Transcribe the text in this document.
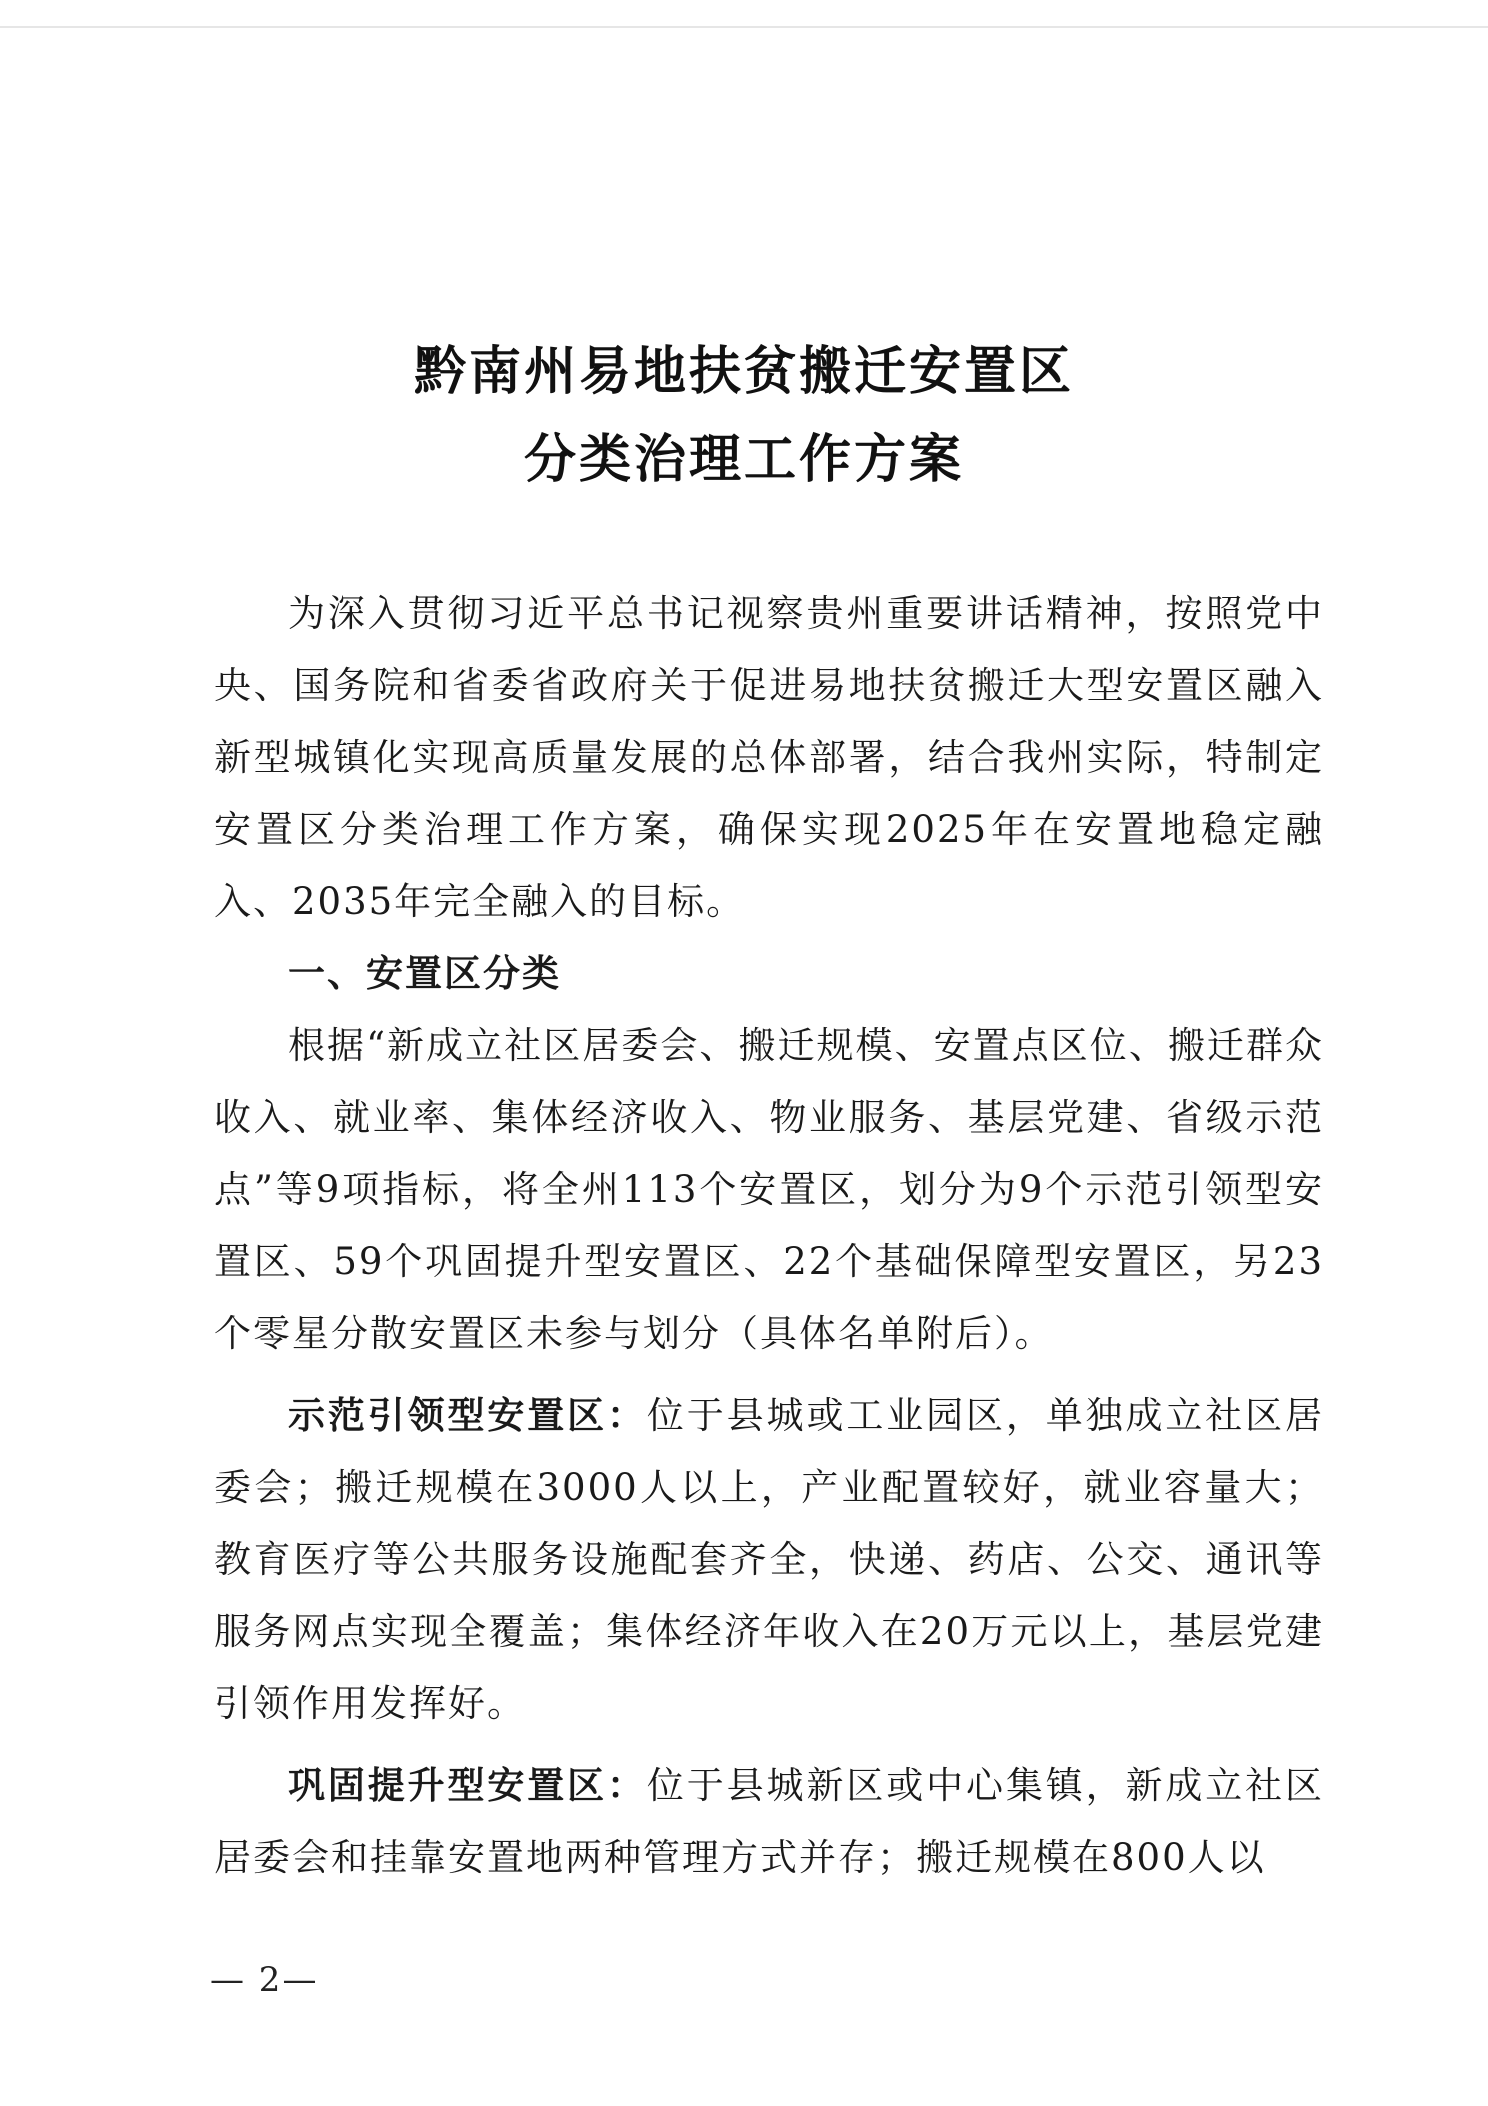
黔南州易地扶贫搬迁安置区
分类治理工作方案

为深入贯彻习近平总书记视察贵州重要讲话精神，按照党中央、国务院和省委省政府关于促进易地扶贫搬迁大型安置区融入新型城镇化实现高质量发展的总体部署，结合我州实际，特制定安置区分类治理工作方案，确保实现2025年在安置地稳定融入、2035年完全融入的目标。

一、安置区分类

根据“新成立社区居委会、搬迁规模、安置点区位、搬迁群众收入、就业率、集体经济收入、物业服务、基层党建、省级示范点”等9项指标，将全州113个安置区，划分为9个示范引领型安置区、59个巩固提升型安置区、22个基础保障型安置区，另23个零星分散安置区未参与划分（具体名单附后）。

示范引领型安置区：位于县城或工业园区，单独成立社区居委会；搬迁规模在3000人以上，产业配置较好，就业容量大；教育医疗等公共服务设施配套齐全，快递、药店、公交、通讯等服务网点实现全覆盖；集体经济年收入在20万元以上，基层党建引领作用发挥好。

巩固提升型安置区：位于县城新区或中心集镇，新成立社区居委会和挂靠安置地两种管理方式并存；搬迁规模在800人以

— 2—
